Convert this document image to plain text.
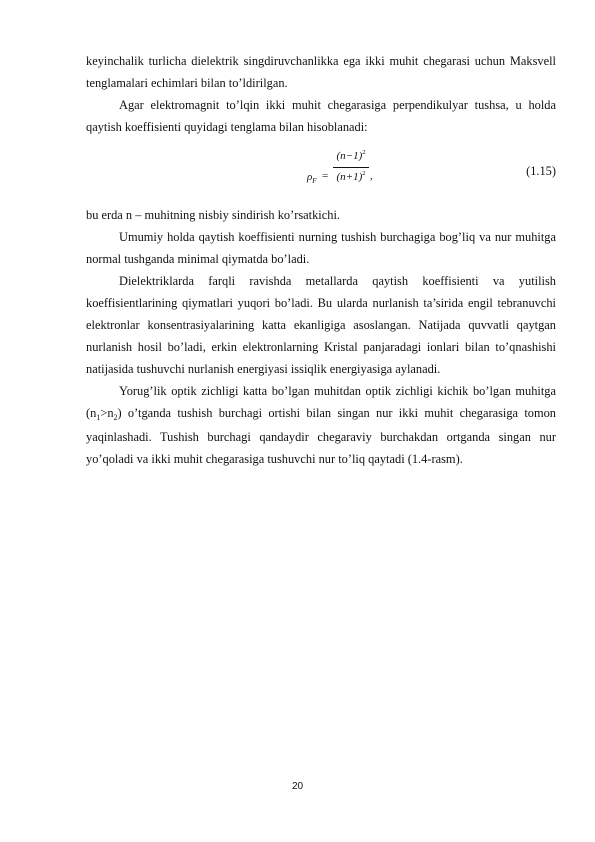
keyinchalik turlicha dielektrik singdiruvchanlikka ega ikki muhit chegarasi uchun Maksvell tenglamalari echimlari bilan to’ldirilgan.

Agar elektromagnit to’lqin ikki muhit chegarasiga perpendikulyar tushsa, u holda qaytish koeffisienti quyidagi tenglama bilan hisoblanadi:

$\rho_F$ =
$(n-1)^2$
$(n+1)^2$ ,	(1.15)

bu erda n – muhitning nisbiy sindirish ko’rsatkichi.

Umumiy holda qaytish koeffisienti nurning tushish burchagiga bog’liq va nur muhitga normal tushganda minimal qiymatda bo’ladi.

Dielektriklarda farqli ravishda metallarda qaytish koeffisienti va yutilish koeffisientlarining qiymatlari yuqori bo’ladi. Bu ularda nurlanish ta’sirida engil tebranuvchi elektronlar konsentrasiyalarining katta ekanligiga asoslangan. Natijada quvvatli qaytgan nurlanish hosil bo’ladi, erkin elektronlarning Kristal panjaradagi ionlari bilan to’qnashishi natijasida tushuvchi nurlanish energiyasi issiqlik energiyasiga aylanadi.

Yorug’lik optik zichligi katta bo’lgan muhitdan optik zichligi kichik bo’lgan muhitga $(n_1>n_2)$ o’tganda tushish burchagi ortishi bilan singan nur ikki muhit chegarasiga tomon yaqinlashadi. Tushish burchagi qandaydir chegaraviy burchakdan ortganda singan nur yo’qoladi va ikki muhit chegarasiga tushuvchi nur to’liq qaytadi (1.4-rasm).

20
